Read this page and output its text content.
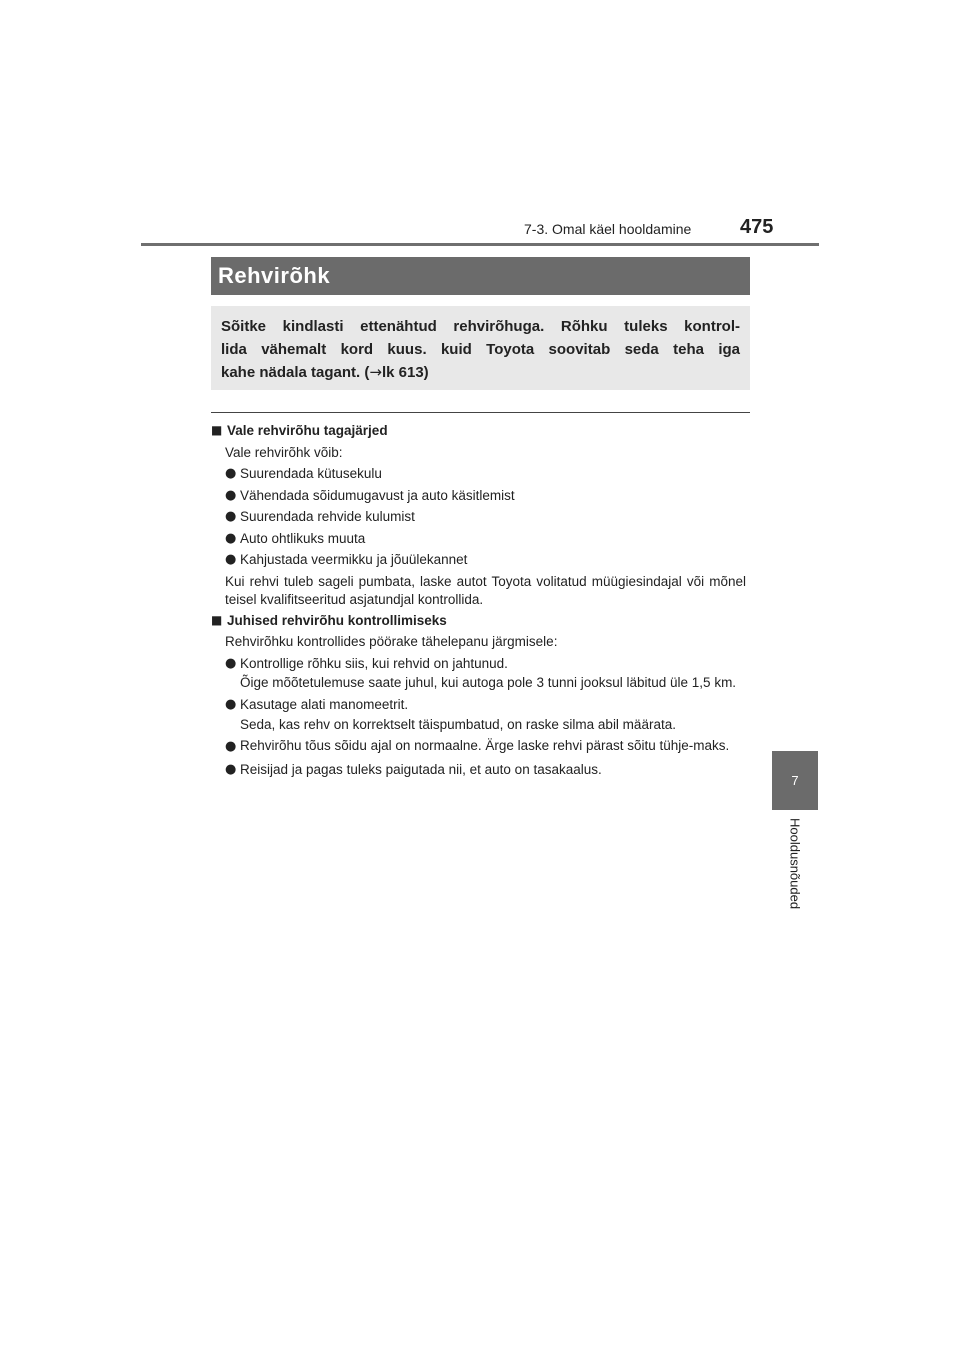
7-3. Omal käel hooldamine 475
7
Hooldusnõuded
Rehvirõhk
Sõitke kindlasti ettenähtud rehvirõhuga. Rõhku tuleks kontrol-
lida vähemalt kord kuus. kuid Toyota soovitab seda teha iga
kahe nädala tagant. (→lk 613)
■ Vale rehvirõhu tagajärjed
Vale rehvirõhk võib:
● Suurendada kütusekulu
● Vähendada sõidumugavust ja auto käsitlemist
● Suurendada rehvide kulumist
● Auto ohtlikuks muuta
● Kahjustada veermikku ja jõuülekannet
Kui rehvi tuleb sageli pumbata, laske autot Toyota volitatud müügiesindajal või mõnel teisel kvalifitseeritud asjatundjal kontrollida.
■ Juhised rehvirõhu kontrollimiseks
Rehvirõhku kontrollides pöörake tähelepanu järgmisele:
● Kontrollige rõhku siis, kui rehvid on jahtunud.
Õige mõõtetulemuse saate juhul, kui autoga pole 3 tunni jooksul läbitud üle 1,5 km.
● Kasutage alati manomeetrit.
Seda, kas rehv on korrektselt täispumbatud, on raske silma abil määrata.
● Rehvirõhu tõus sõidu ajal on normaalne. Ärge laske rehvi pärast sõitu tühje-maks.
● Reisijad ja pagas tuleks paigutada nii, et auto on tasakaalus.
